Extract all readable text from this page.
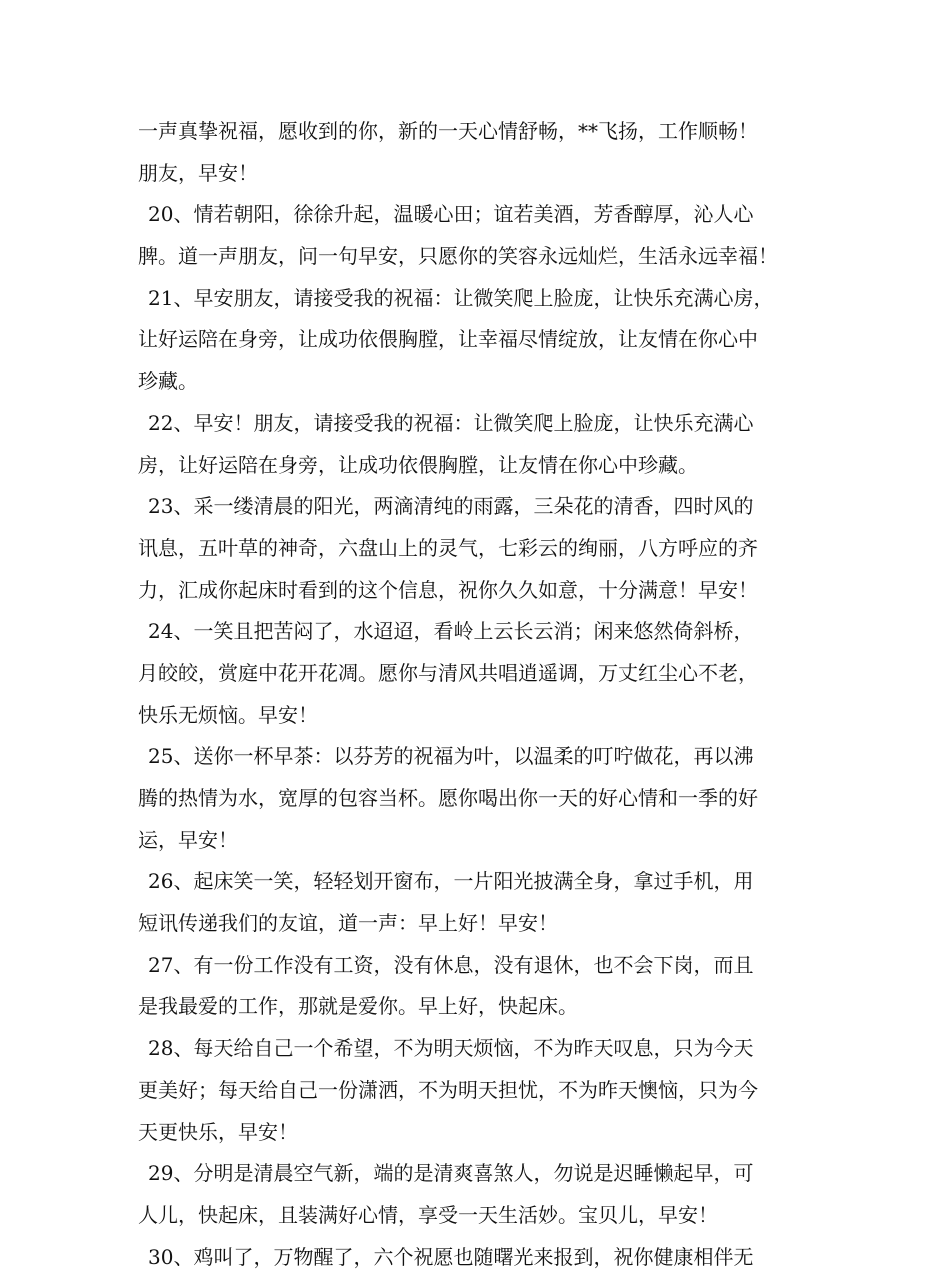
一声真挚祝福，愿收到的你，新的一天心情舒畅，**飞扬，工作顺畅！
朋友，早安！
20、情若朝阳，徐徐升起，温暖心田；谊若美酒，芳香醇厚，沁人心
脾。道一声朋友，问一句早安，只愿你的笑容永远灿烂，生活永远幸福！
21、早安朋友，请接受我的祝福：让微笑爬上脸庞，让快乐充满心房，
让好运陪在身旁，让成功依偎胸膛，让幸福尽情绽放，让友情在你心中
珍藏。
22、早安！朋友，请接受我的祝福：让微笑爬上脸庞，让快乐充满心
房，让好运陪在身旁，让成功依偎胸膛，让友情在你心中珍藏。
23、采一缕清晨的阳光，两滴清纯的雨露，三朵花的清香，四时风的
讯息，五叶草的神奇，六盘山上的灵气，七彩云的绚丽，八方呼应的齐
力，汇成你起床时看到的这个信息，祝你久久如意，十分满意！早安！
24、一笑且把苦闷了，水迢迢，看岭上云长云消；闲来悠然倚斜桥，
月皎皎，赏庭中花开花凋。愿你与清风共唱逍遥调，万丈红尘心不老，
快乐无烦恼。早安！
25、送你一杯早茶：以芬芳的祝福为叶，以温柔的叮咛做花，再以沸
腾的热情为水，宽厚的包容当杯。愿你喝出你一天的好心情和一季的好
运，早安！
26、起床笑一笑，轻轻划开窗布，一片阳光披满全身，拿过手机，用
短讯传递我们的友谊，道一声：早上好！早安！
27、有一份工作没有工资，没有休息，没有退休，也不会下岗，而且
是我最爱的工作，那就是爱你。早上好，快起床。
28、每天给自己一个希望，不为明天烦恼，不为昨天叹息，只为今天
更美好；每天给自己一份潇洒，不为明天担忧，不为昨天懊恼，只为今
天更快乐，早安！
29、分明是清晨空气新，端的是清爽喜煞人，勿说是迟睡懒起早，可
人儿，快起床，且装满好心情，享受一天生活妙。宝贝儿，早安！
30、鸡叫了，万物醒了，六个祝愿也随曙光来报到，祝你健康相伴无
